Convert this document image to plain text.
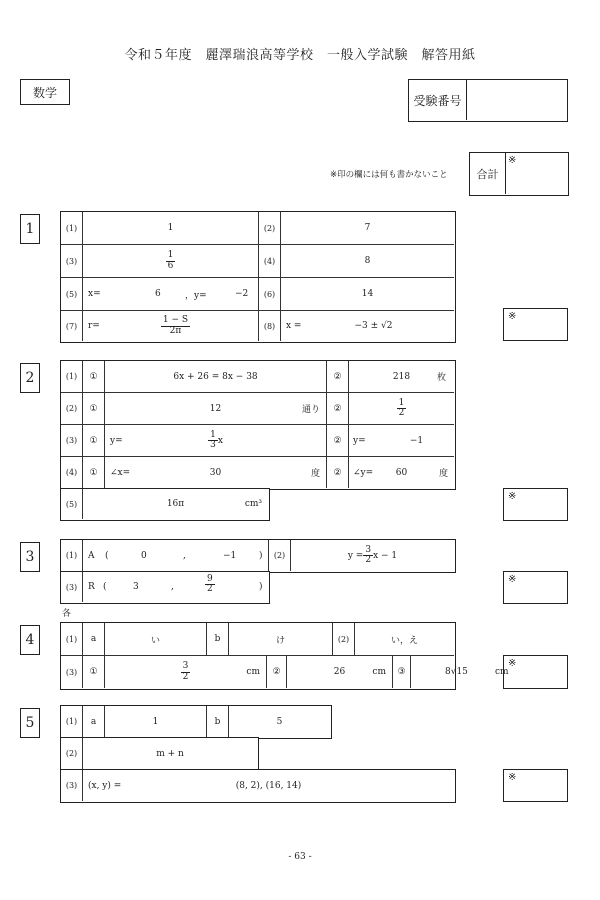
令和５年度　麗澤瑞浪高等学校　一般入学試験　解答用紙
数学
受験番号
※印の欄には何も書かないこと	合計
※
1	(1)	1	(2)	7
(3)	$\frac{1}{6}$	(4)	8
(5)	x=	6	，y=	−2	(6)	14
(7)	r=	$\frac{1 - S}{2\pi}$	(8)	x =	−3 ± √2
※
2	(1)	①	6x + 26 = 8x − 38	②	218	枚
(2)	①	12	通り	②	$\frac{1}{2}$
(3)	①	y=	$\frac{1}{3}$ x	②	y=	−1
(4)	①	∠x=	30	度	②	∠y=	60	度
(5)	16π	cm³
※
3	(1)	A (	0	,	−1	)	(2)	$y = \frac{3}{2}$ x − 1
(3)	R (	3	,	$\frac{9}{2}$	)
各
※
4	(1)	a	い	b	け	(2)	い，え
(3)	①	$\frac{3}{2}$	cm	②	26	cm	③	8√15	cm
※
5	(1)	a	1	b	5
(2)	m + n
(3)	(x, y) =	(8, 2), (16, 14)
※
- 63 -
